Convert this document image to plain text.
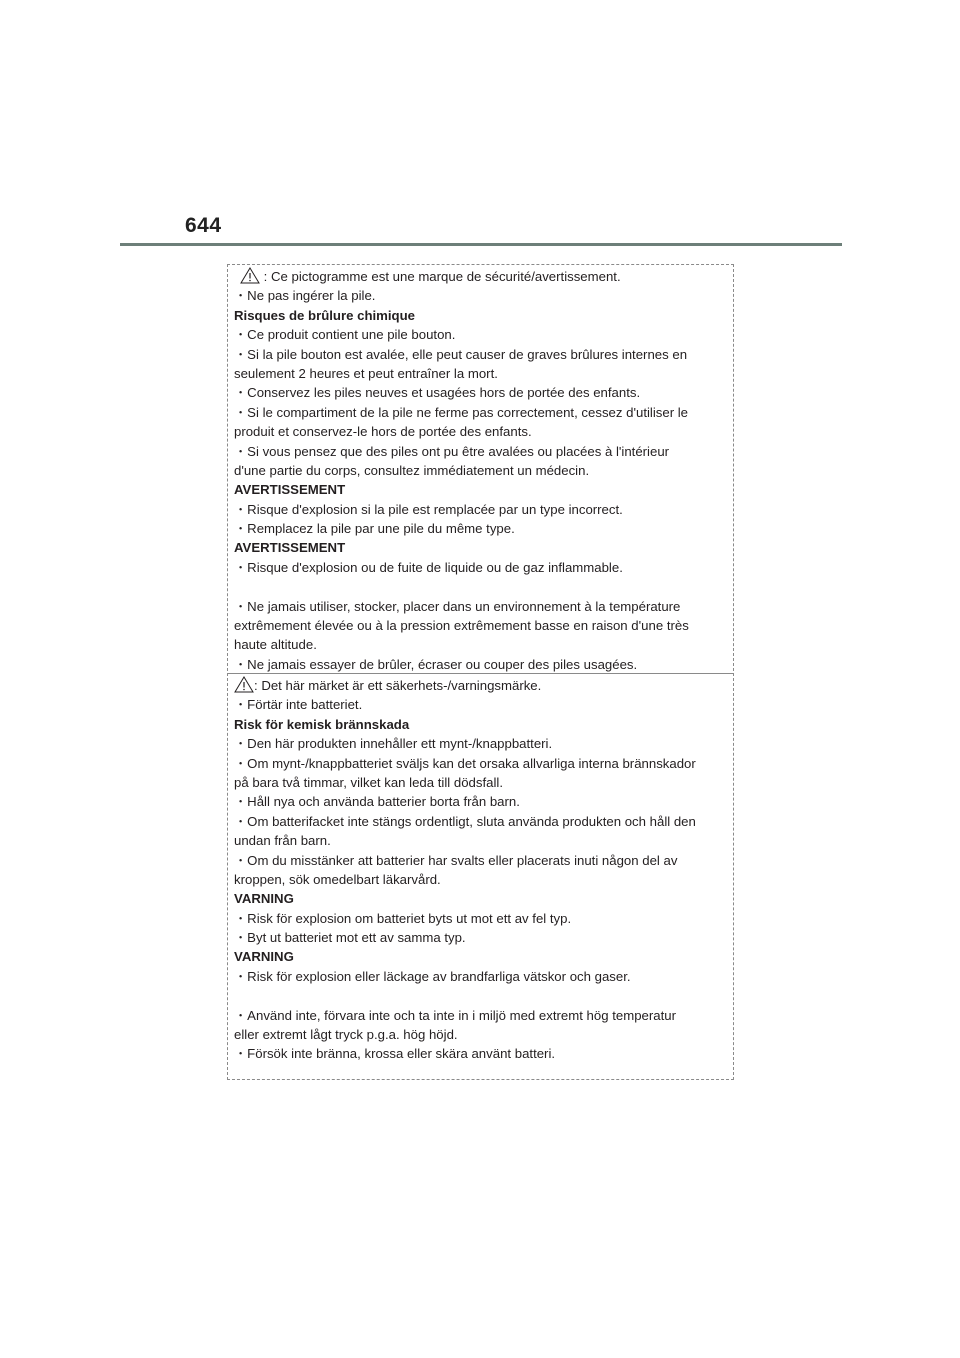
644
: Ce pictogramme est une marque de sécurité/avertissement.
・Ne pas ingérer la pile.
Risques de brûlure chimique
・Ce produit contient une pile bouton.
・Si la pile bouton est avalée, elle peut causer de graves brûlures internes en
seulement 2 heures et peut entraîner la mort.
・Conservez les piles neuves et usagées hors de portée des enfants.
・Si le compartiment de la pile ne ferme pas correctement, cessez d'utiliser le
produit et conservez-le hors de portée des enfants.
・Si vous pensez que des piles ont pu être avalées ou placées à l'intérieur
d'une partie du corps, consultez immédiatement un médecin.
AVERTISSEMENT
・Risque d'explosion si la pile est remplacée par un type incorrect.
・Remplacez la pile par une pile du même type.
AVERTISSEMENT
・Risque d'explosion ou de fuite de liquide ou de gaz inflammable.
・Ne jamais utiliser, stocker, placer dans un environnement à la température
extrêmement élevée ou à la pression extrêmement basse en raison d'une très
haute altitude.
・Ne jamais essayer de brûler, écraser ou couper des piles usagées.
: Det här märket är ett säkerhets-/varningsmärke.
・Förtär inte batteriet.
Risk för kemisk brännskada
・Den här produkten innehåller ett mynt-/knappbatteri.
・Om mynt-/knappbatteriet sväljs kan det orsaka allvarliga interna brännskador
på bara två timmar, vilket kan leda till dödsfall.
・Håll nya och använda batterier borta från barn.
・Om batterifacket inte stängs ordentligt, sluta använda produkten och håll den
undan från barn.
・Om du misstänker att batterier har svalts eller placerats inuti någon del av
kroppen, sök omedelbart läkarvård.
VARNING
・Risk för explosion om batteriet byts ut mot ett av fel typ.
・Byt ut batteriet mot ett av samma typ.
VARNING
・Risk för explosion eller läckage av brandfarliga vätskor och gaser.
・Använd inte, förvara inte och ta inte in i miljö med extremt hög temperatur
eller extremt lågt tryck p.g.a. hög höjd.
・Försök inte bränna, krossa eller skära använt batteri.
